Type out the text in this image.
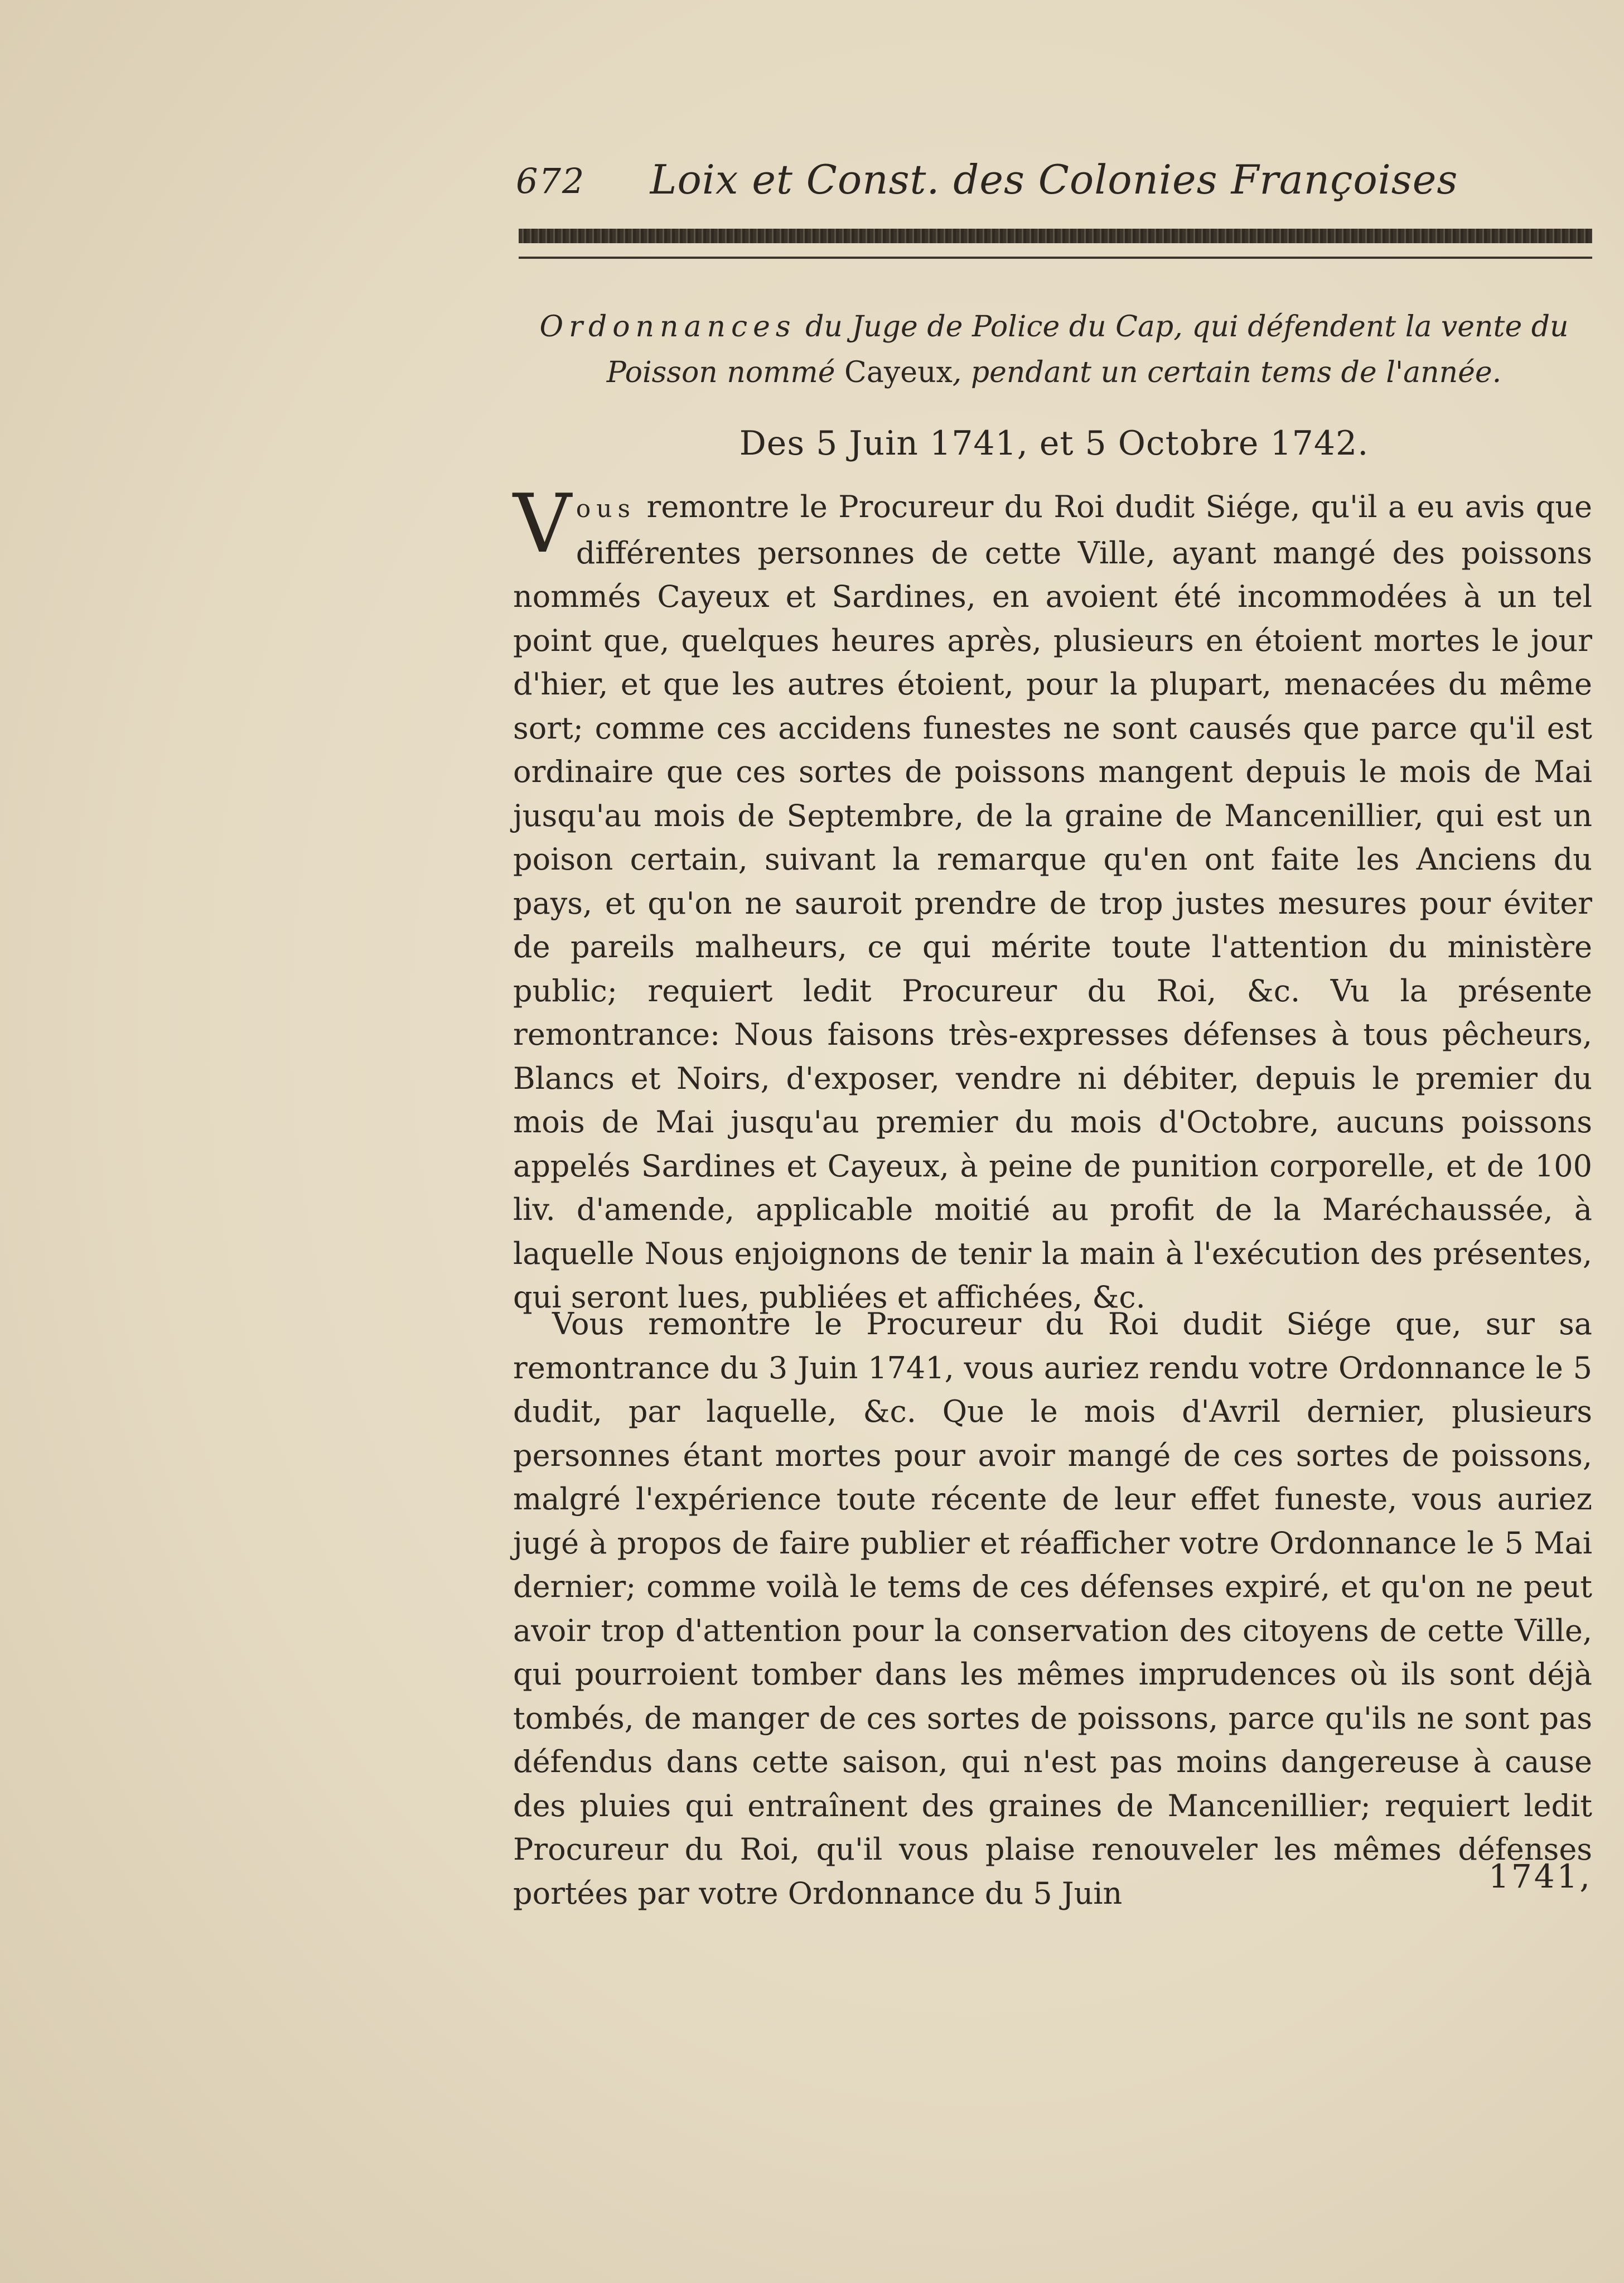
672	Loix et Const. des Colonies Françoises
Ordonnances du Juge de Police du Cap, qui défendent la vente du Poisson nommé Cayeux, pendant un certain tems de l'année.
Des 5 Juin 1741, et 5 Octobre 1742.
Vous remontre le Procureur du Roi dudit Siége, qu'il a eu avis que différentes personnes de cette Ville, ayant mangé des poissons nommés Cayeux et Sardines, en avoient été incommodées à un tel point que, quelques heures après, plusieurs en étoient mortes le jour d'hier, et que les autres étoient, pour la plupart, menacées du même sort; comme ces accidens funestes ne sont causés que parce qu'il est ordinaire que ces sortes de poissons mangent depuis le mois de Mai jusqu'au mois de Septembre, de la graine de Mancenillier, qui est un poison certain, suivant la remarque qu'en ont faite les Anciens du pays, et qu'on ne sauroit prendre de trop justes mesures pour éviter de pareils malheurs, ce qui mérite toute l'attention du ministère public; requiert ledit Procureur du Roi, &c. Vu la présente remontrance: Nous faisons très-expresses défenses à tous pêcheurs, Blancs et Noirs, d'exposer, vendre ni débiter, depuis le premier du mois de Mai jusqu'au premier du mois d'Octobre, aucuns poissons appelés Sardines et Cayeux, à peine de punition corporelle, et de 100 liv. d'amende, applicable moitié au profit de la Maréchaussée, à laquelle Nous enjoignons de tenir la main à l'exécution des présentes, qui seront lues, publiées et affichées, &c.
Vous remontre le Procureur du Roi dudit Siége que, sur sa remontrance du 3 Juin 1741, vous auriez rendu votre Ordonnance le 5 dudit, par laquelle, &c. Que le mois d'Avril dernier, plusieurs personnes étant mortes pour avoir mangé de ces sortes de poissons, malgré l'expérience toute récente de leur effet funeste, vous auriez jugé à propos de faire publier et réafficher votre Ordonnance le 5 Mai dernier; comme voilà le tems de ces défenses expiré, et qu'on ne peut avoir trop d'attention pour la conservation des citoyens de cette Ville, qui pourroient tomber dans les mêmes imprudences où ils sont déjà tombés, de manger de ces sortes de poissons, parce qu'ils ne sont pas défendus dans cette saison, qui n'est pas moins dangereuse à cause des pluies qui entraînent des graines de Mancenillier; requiert ledit Procureur du Roi, qu'il vous plaise renouveler les mêmes défenses portées par votre Ordonnance du 5 Juin	1741,
